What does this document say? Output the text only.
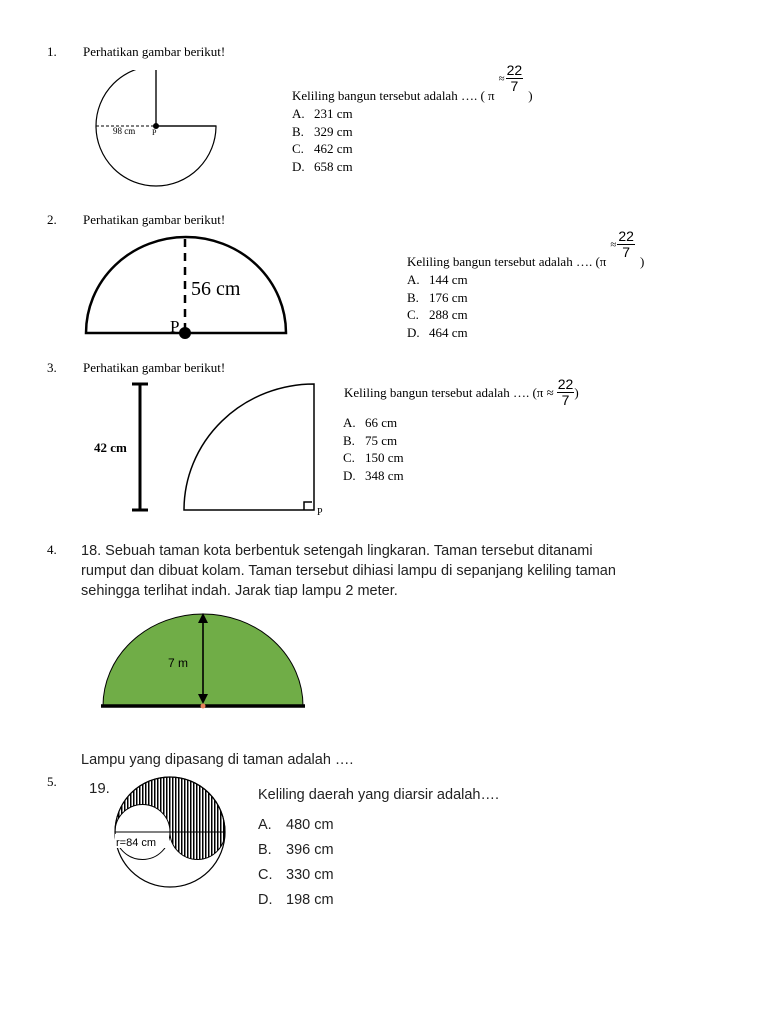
1. Perhatikan gambar berikut!
98 cm P
Keliling bangun tersebut adalah …. ( $\pi\approx \frac{22}{7}$
)
A. 231 cm
B. 329 cm
C. 462 cm
D. 658 cm
2. Perhatikan gambar berikut!
56 cm
P
Keliling bangun tersebut adalah …. ($\pi\approx \frac{22}{7}$
)
A. 144 cm
B. 176 cm
C. 288 cm
D. 464 cm
3. Perhatikan gambar berikut!
42 cm
P
Keliling bangun tersebut adalah …. ($\pi \approx \frac{22}{7}$ )
A. 66 cm
B. 75 cm
C. 150 cm
D. 348 cm
4. 18. Sebuah taman kota berbentuk setengah lingkaran. Taman tersebut ditanami
rumput dan dibuat kolam. Taman tersebut dihiasi lampu di sepanjang keliling taman
sehingga terlihat indah. Jarak tiap lampu 2 meter.
7 m
Lampu yang dipasang di taman adalah ….
5. 19.
r=84 cm
Keliling daerah yang diarsir adalah….
A. 480 cm
B. 396 cm
C. 330 cm
D. 198 cm
